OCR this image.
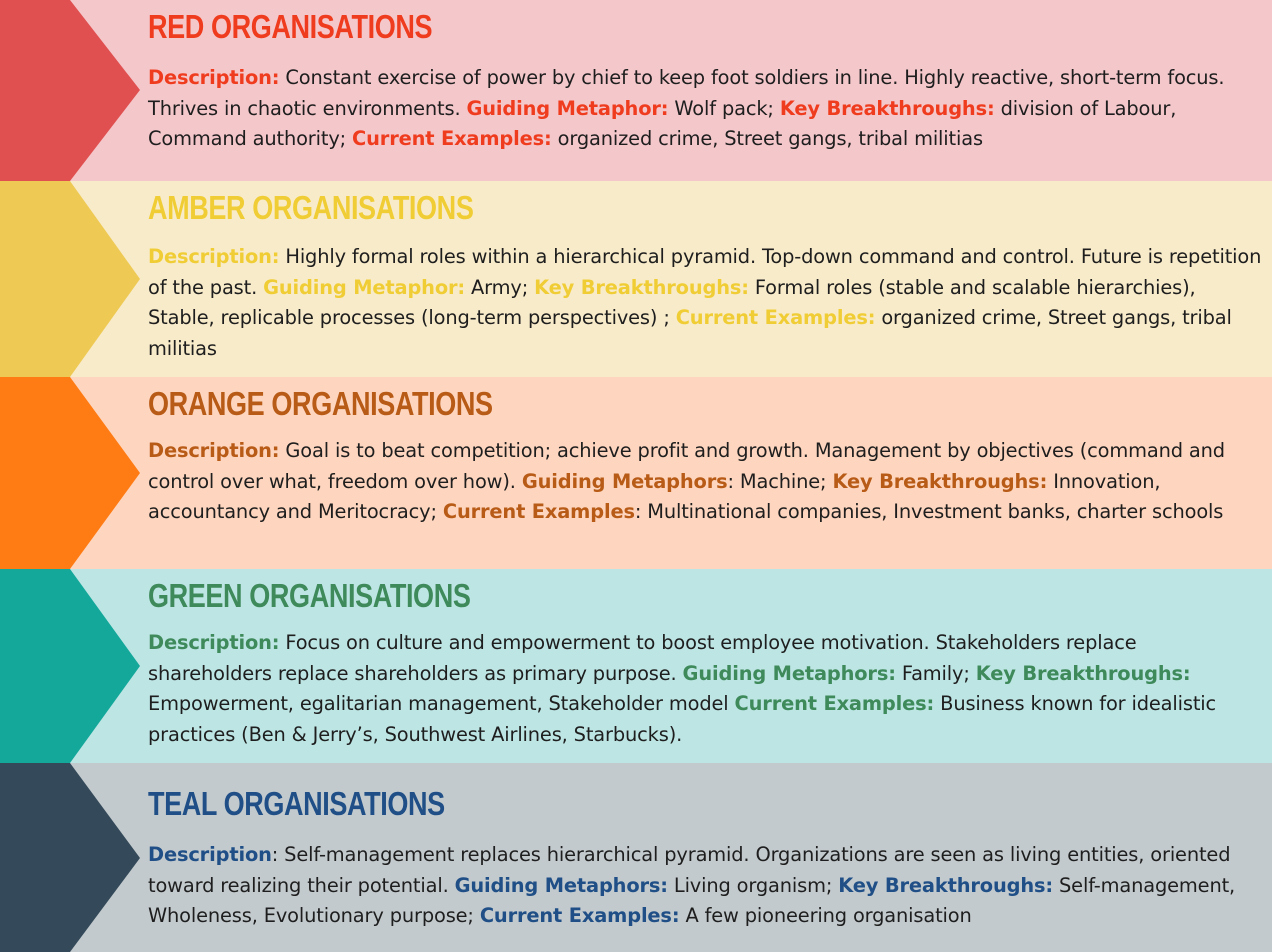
RED ORGANISATIONS

Description: Constant exercise of power by chief to keep foot soldiers in line. Highly reactive, short-term focus. Thrives in chaotic environments. Guiding Metaphor: Wolf pack; Key Breakthroughs: division of Labour, Command authority; Current Examples: organized crime, Street gangs, tribal militias

AMBER ORGANISATIONS

Description: Highly formal roles within a hierarchical pyramid. Top-down command and control. Future is repetition of the past. Guiding Metaphor: Army; Key Breakthroughs: Formal roles (stable and scalable hierarchies), Stable, replicable processes (long-term perspectives) ; Current Examples: organized crime, Street gangs, tribal militias

ORANGE ORGANISATIONS

Description: Goal is to beat competition; achieve profit and growth. Management by objectives (command and control over what, freedom over how). Guiding Metaphors: Machine; Key Breakthroughs: Innovation, accountancy and Meritocracy; Current Examples: Multinational companies, Investment banks, charter schools

GREEN ORGANISATIONS

Description: Focus on culture and empowerment to boost employee motivation. Stakeholders replace shareholders replace shareholders as primary purpose. Guiding Metaphors: Family; Key Breakthroughs: Empowerment, egalitarian management, Stakeholder model Current Examples: Business known for idealistic practices (Ben & Jerry’s, Southwest Airlines, Starbucks).

TEAL ORGANISATIONS

Description: Self-management replaces hierarchical pyramid. Organizations are seen as living entities, oriented toward realizing their potential. Guiding Metaphors: Living organism; Key Breakthroughs: Self-management, Wholeness, Evolutionary purpose; Current Examples: A few pioneering organisation
